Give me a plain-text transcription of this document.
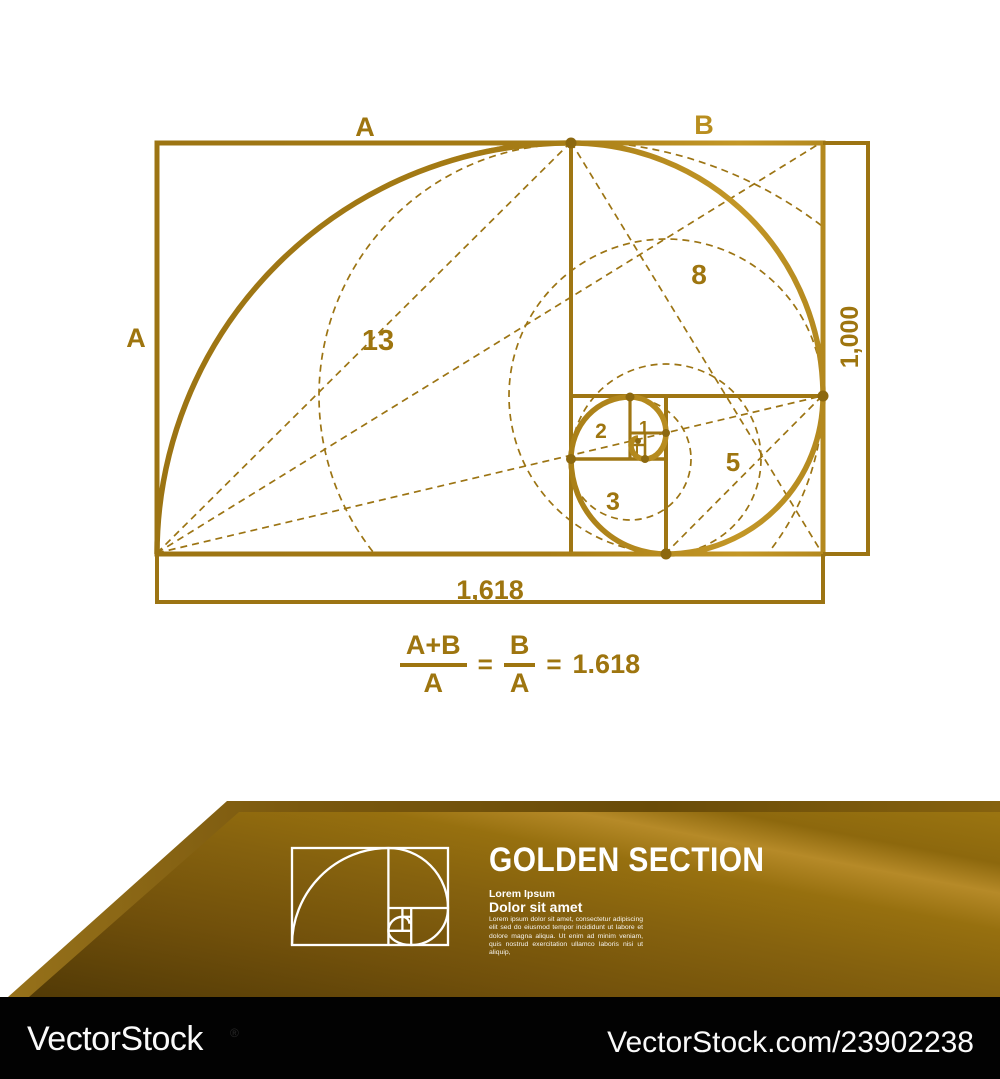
A	B
A	13
8
5
3
2 1
1,618
1,000
$\frac{A+B}{A} = \frac{B}{A} = 1.618$
GOLDEN SECTION
Lorem Ipsum
Dolor sit amet
Lorem ipsum dolor sit amet, consectetur adipiscing elit sed do eiusmod tempor incididunt ut labore et dolore magna aliqua. Ut enim ad minim veniam, quis nostrud exercitation ullamco laboris nisi ut aliquip,
VectorStock ®	VectorStock.com/23902238
